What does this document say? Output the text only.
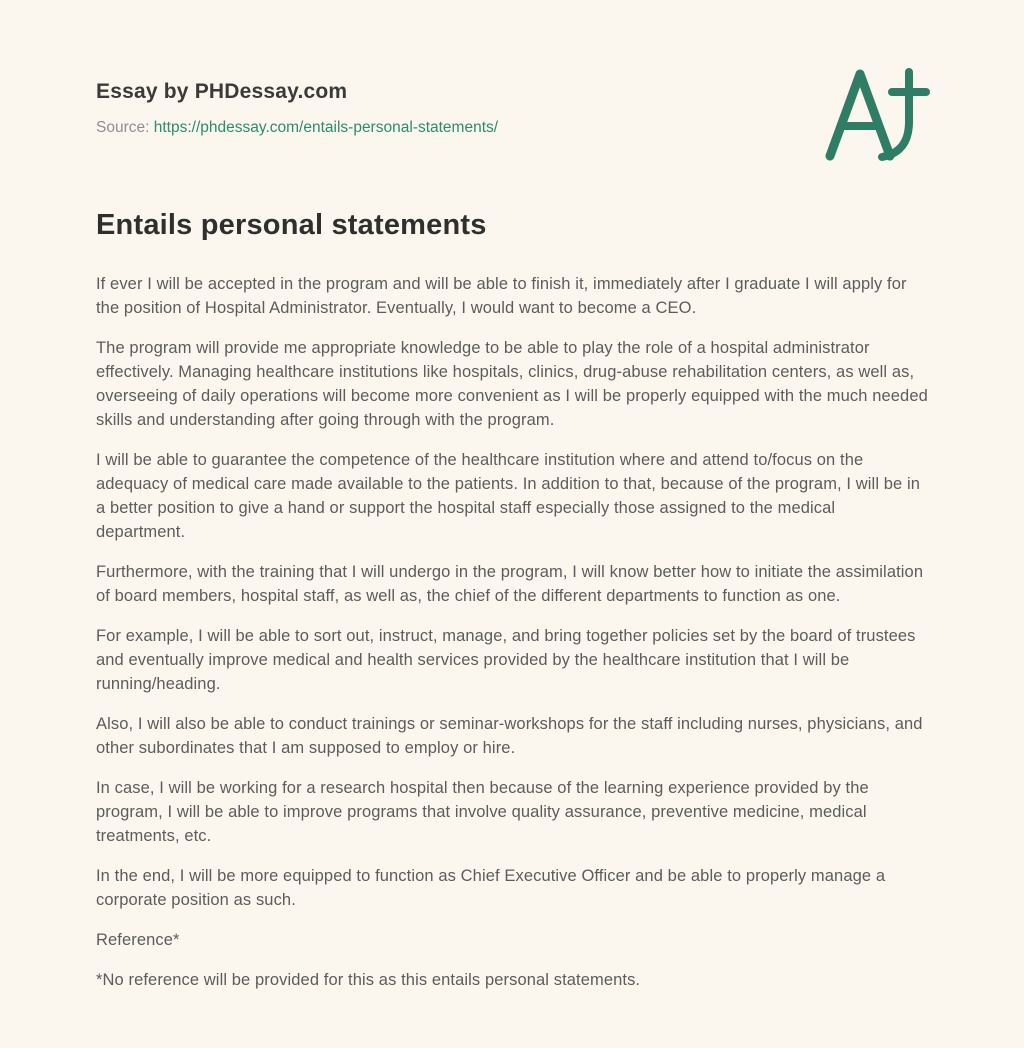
Essay by PHDessay.com
Source: https://phdessay.com/entails-personal-statements/
Entails personal statements

If ever I will be accepted in the program and will be able to finish it, immediately after I graduate I will apply for the position of Hospital Administrator. Eventually, I would want to become a CEO.

The program will provide me appropriate knowledge to be able to play the role of a hospital administrator effectively. Managing healthcare institutions like hospitals, clinics, drug-abuse rehabilitation centers, as well as, overseeing of daily operations will become more convenient as I will be properly equipped with the much needed skills and understanding after going through with the program.

I will be able to guarantee the competence of the healthcare institution where and attend to/focus on the adequacy of medical care made available to the patients. In addition to that, because of the program, I will be in a better position to give a hand or support the hospital staff especially those assigned to the medical department.

Furthermore, with the training that I will undergo in the program, I will know better how to initiate the assimilation of board members, hospital staff, as well as, the chief of the different departments to function as one.

For example, I will be able to sort out, instruct, manage, and bring together policies set by the board of trustees and eventually improve medical and health services provided by the healthcare institution that I will be running/heading.

Also, I will also be able to conduct trainings or seminar-workshops for the staff including nurses, physicians, and other subordinates that I am supposed to employ or hire.

In case, I will be working for a research hospital then because of the learning experience provided by the program, I will be able to improve programs that involve quality assurance, preventive medicine, medical treatments, etc.

In the end, I will be more equipped to function as Chief Executive Officer and be able to properly manage a corporate position as such.

Reference*

*No reference will be provided for this as this entails personal statements.
